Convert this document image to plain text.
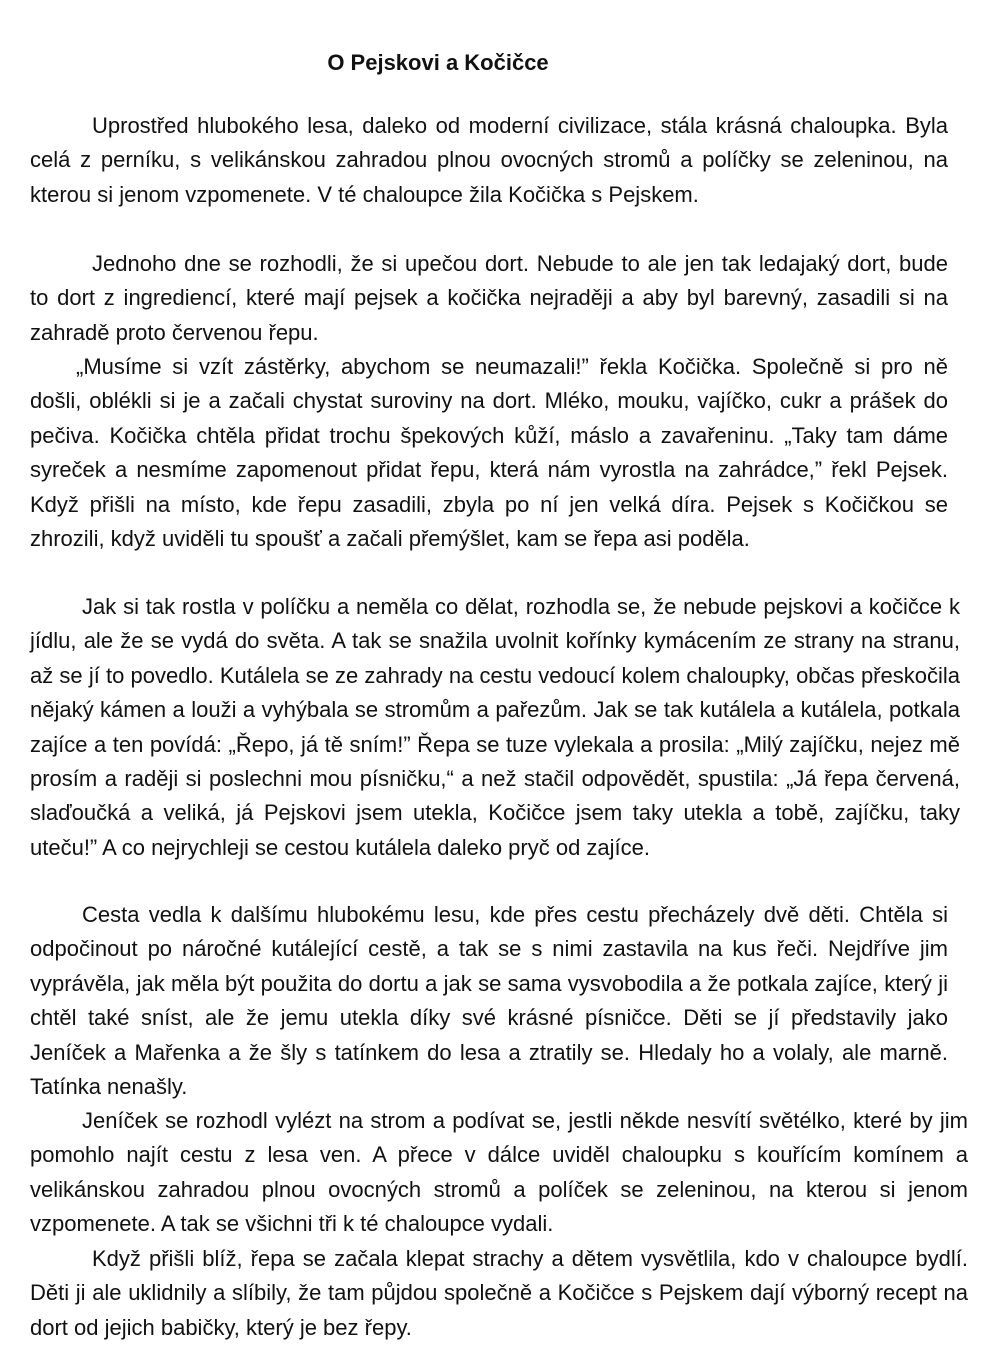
O Pejskovi a Kočičce

Uprostřed hlubokého lesa, daleko od moderní civilizace, stála krásná chaloupka. Byla celá z perníku, s velikánskou zahradou plnou ovocných stromů a políčky se zeleninou, na kterou si jenom vzpomenete. V té chaloupce žila Kočička s Pejskem.

Jednoho dne se rozhodli, že si upečou dort. Nebude to ale jen tak ledajaký dort, bude to dort z ingrediencí, které mají pejsek a kočička nejraději a aby byl barevný, zasadili si na zahradě proto červenou řepu.

„Musíme si vzít zástěrky, abychom se neumazali!” řekla Kočička. Společně si pro ně došli, oblékli si je a začali chystat suroviny na dort. Mléko, mouku, vajíčko, cukr a prášek do pečiva. Kočička chtěla přidat trochu špekových kůží, máslo a zavařeninu. „Taky tam dáme syreček a nesmíme zapomenout přidat řepu, která nám vyrostla na zahrádce,” řekl Pejsek. Když přišli na místo, kde řepu zasadili, zbyla po ní jen velká díra. Pejsek s Kočičkou se zhrozili, když uviděli tu spoušť a začali přemýšlet, kam se řepa asi poděla.

Jak si tak rostla v políčku a neměla co dělat, rozhodla se, že nebude pejskovi a kočičce k jídlu, ale že se vydá do světa. A tak se snažila uvolnit kořínky kymácením ze strany na stranu, až se jí to povedlo. Kutálela se ze zahrady na cestu vedoucí kolem chaloupky, občas přeskočila nějaký kámen a louži a vyhýbala se stromům a pařezům. Jak se tak kutálela a kutálela, potkala zajíce a ten povídá: „Řepo, já tě sním!” Řepa se tuze vylekala a prosila: „Milý zajíčku, nejez mě prosím a raději si poslechni mou písničku,“ a než stačil odpovědět, spustila: „Já řepa červená, slaďoučká a veliká, já Pejskovi jsem utekla, Kočičce jsem taky utekla a tobě, zajíčku, taky uteču!” A co nejrychleji se cestou kutálela daleko pryč od zajíce.

Cesta vedla k dalšímu hlubokému lesu, kde přes cestu přecházely dvě děti. Chtěla si odpočinout po náročné kutálející cestě, a tak se s nimi zastavila na kus řeči. Nejdříve jim vyprávěla, jak měla být použita do dortu a jak se sama vysvobodila a že potkala zajíce, který ji chtěl také sníst, ale že jemu utekla díky své krásné písničce. Děti se jí představily jako Jeníček a Mařenka a že šly s tatínkem do lesa a ztratily se. Hledaly ho a volaly, ale marně. Tatínka nenašly.

Jeníček se rozhodl vylézt na strom a podívat se, jestli někde nesvítí světélko, které by jim pomohlo najít cestu z lesa ven. A přece v dálce uviděl chaloupku s kouřícím komínem a velikánskou zahradou plnou ovocných stromů a políček se zeleninou, na kterou si jenom vzpomenete. A tak se všichni tři k té chaloupce vydali.

Když přišli blíž, řepa se začala klepat strachy a dětem vysvětlila, kdo v chaloupce bydlí. Děti ji ale uklidnily a slíbily, že tam půjdou společně a Kočičce s Pejskem dají výborný recept na dort od jejich babičky, který je bez řepy.
